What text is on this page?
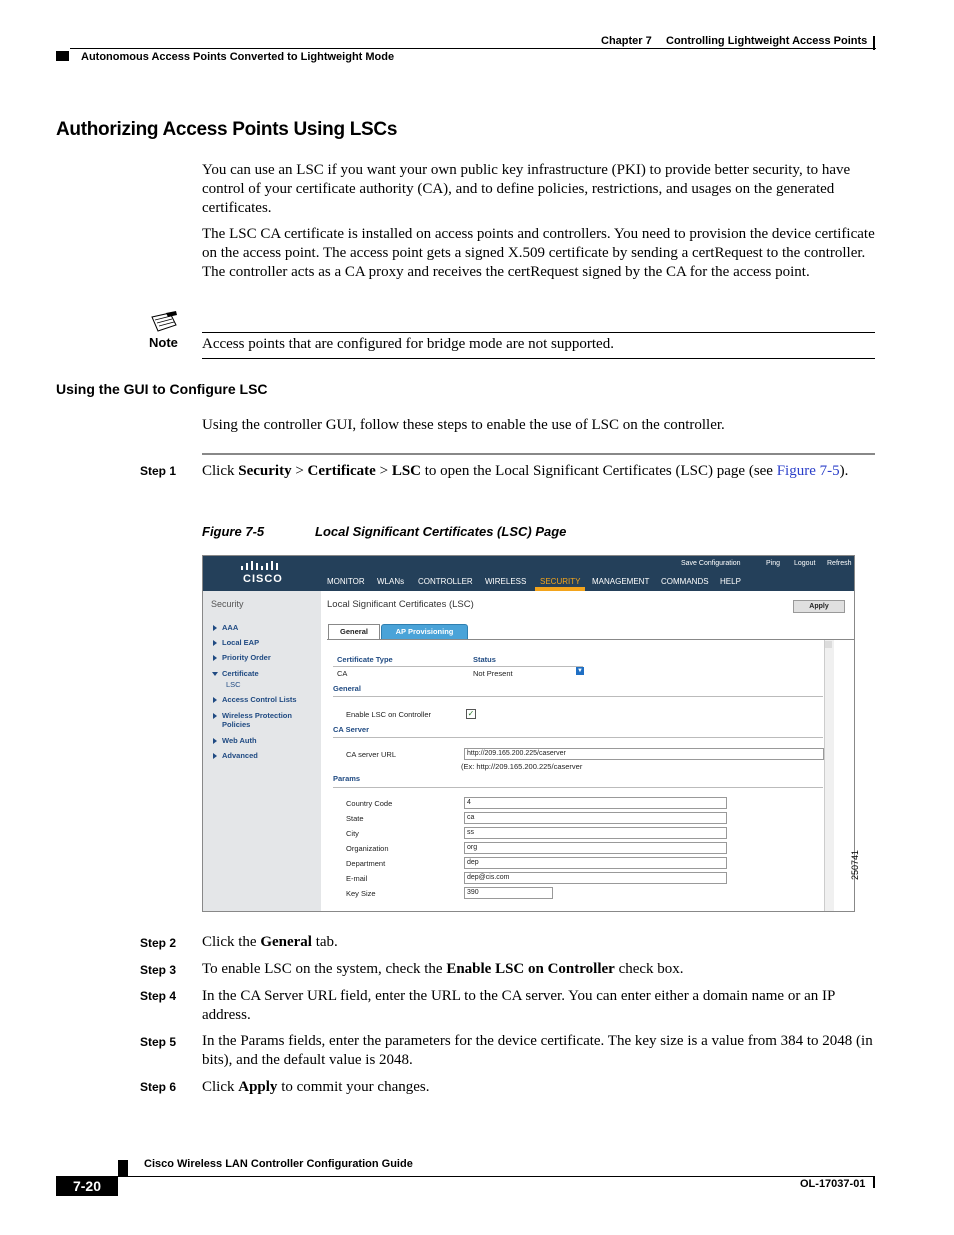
Chapter 7 Controlling Lightweight Access Points
Autonomous Access Points Converted to Lightweight Mode
Authorizing Access Points Using LSCs

You can use an LSC if you want your own public key infrastructure (PKI) to provide better security, to have control of your certificate authority (CA), and to define policies, restrictions, and usages on the generated certificates.

The LSC CA certificate is installed on access points and controllers. You need to provision the device certificate on the access point. The access point gets a signed X.509 certificate by sending a certRequest to the controller. The controller acts as a CA proxy and receives the certRequest signed by the CA for the access point.

Note Access points that are configured for bridge mode are not supported.

Using the GUI to Configure LSC

Using the controller GUI, follow these steps to enable the use of LSC on the controller.

Step 1 Click Security > Certificate > LSC to open the Local Significant Certificates (LSC) page (see Figure 7-5).

Figure 7-5	Local Significant Certificates (LSC) Page
CISCO
Save Configuration	Ping Logout Refresh
MONITOR WLANs CONTROLLER WIRELESS SECURITY MANAGEMENT COMMANDS HELP
Security
AAA
Local EAP
Priority Order
Certificate
LSC
Access Control Lists
Wireless Protection
Policies
Web Auth
Advanced
Local Significant Certificates (LSC)	Apply
General	AP Provisioning
Certificate Type	Status
CA	Not Present	▼
General
Enable LSC on Controller	✓
CA Server
CA server URL	http://209.165.200.225/caserver
(Ex: http://209.165.200.225/caserver
Params
Country Code	4
State	ca
City	ss
Organization	org
Department	dep
E-mail	dep@cis.com
Key Size	390
250741
Step 2 Click the General tab.

Step 3 To enable LSC on the system, check the Enable LSC on Controller check box.

Step 4 In the CA Server URL field, enter the URL to the CA server. You can enter either a domain name or an IP address.

Step 5 In the Params fields, enter the parameters for the device certificate. The key size is a value from 384 to 2048 (in bits), and the default value is 2048.

Step 6 Click Apply to commit your changes.

Cisco Wireless LAN Controller Configuration Guide
7-20	OL-17037-01
